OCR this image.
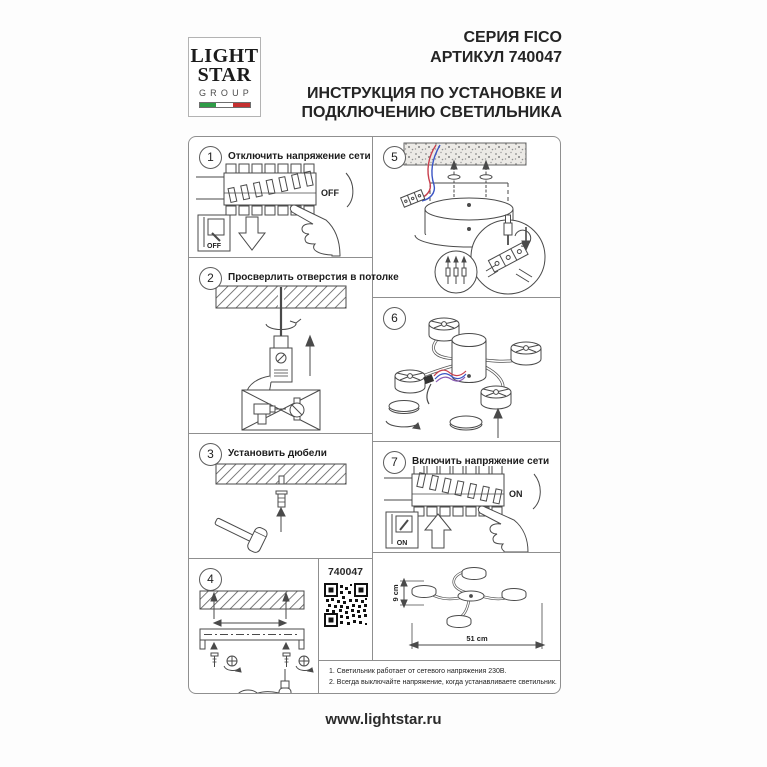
LIGHT
STAR
GROUP
СЕРИЯ FICO
АРТИКУЛ 740047
ИНСТРУКЦИЯ ПО УСТАНОВКЕ И
ПОДКЛЮЧЕНИЮ СВЕТИЛЬНИКА
1	Отключить напряжение сети
OFF
OFF
2	Просверлить отверстия в потолке
3	Установить дюбели
4	740047
5
6
7	Включить напряжение сети
ON
ON
9 cm
51 cm
1. Светильник работает от сетевого напряжения 230В.
2. Всегда выключайте напряжение, когда устанавливаете светильник.
www.lightstar.ru
